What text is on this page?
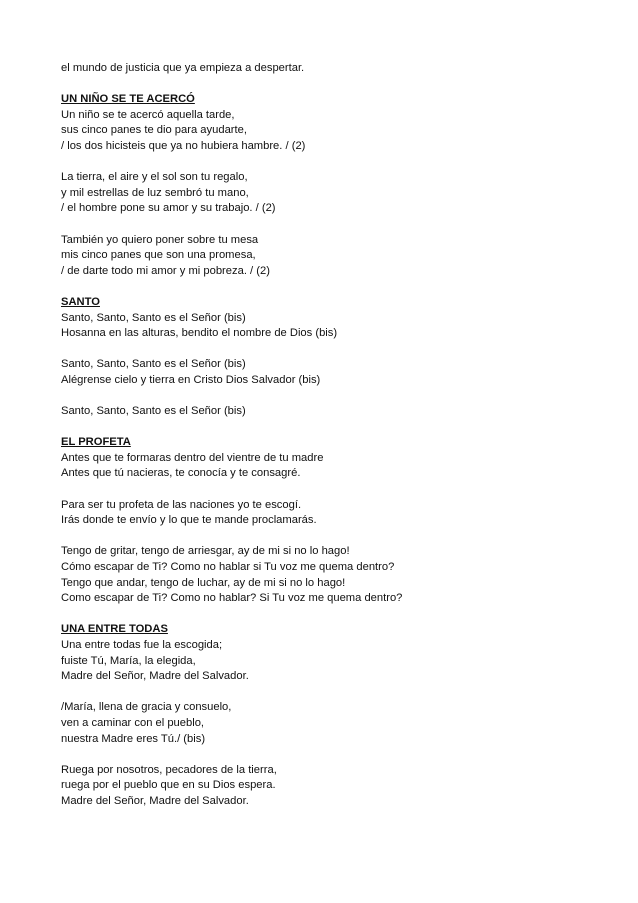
el mundo de justicia que ya empieza a despertar.
UN NIÑO SE TE ACERCÓ
Un niño se te acercó aquella tarde,
sus cinco panes te dio para ayudarte,
/ los dos hicisteis que ya no hubiera hambre. / (2)
La tierra, el aire y el sol son tu regalo,
y mil estrellas de luz sembró tu mano,
/ el hombre pone su amor y su trabajo. / (2)
También yo quiero poner sobre tu mesa
mis cinco panes que son una promesa,
/ de darte todo mi amor y mi pobreza. / (2)
SANTO
Santo, Santo, Santo es el Señor (bis)
Hosanna en las alturas, bendito el nombre de Dios (bis)
Santo, Santo, Santo es el Señor (bis)
Alégrense cielo y tierra en Cristo Dios Salvador (bis)
Santo, Santo, Santo es el Señor (bis)
EL PROFETA
Antes que te formaras dentro del vientre de tu madre
Antes que tú nacieras, te conocía y te consagré.
Para ser tu profeta de las naciones yo te escogí.
Irás donde te envío y lo que te mande proclamarás.
Tengo de gritar, tengo de arriesgar, ay de mi si no lo hago!
Cómo escapar de Ti? Como no hablar si Tu voz me quema dentro?
Tengo que andar, tengo de luchar, ay de mi si no lo hago!
Como escapar de Ti? Como no hablar? Si Tu voz me quema dentro?
UNA ENTRE TODAS
Una entre todas fue la escogida;
fuiste Tú, María, la elegida,
Madre del Señor, Madre del Salvador.
/María, llena de gracia y consuelo,
ven a caminar con el pueblo,
nuestra Madre eres Tú./ (bis)
Ruega por nosotros, pecadores de la tierra,
ruega por el pueblo que en su Dios espera.
Madre del Señor, Madre del Salvador.
